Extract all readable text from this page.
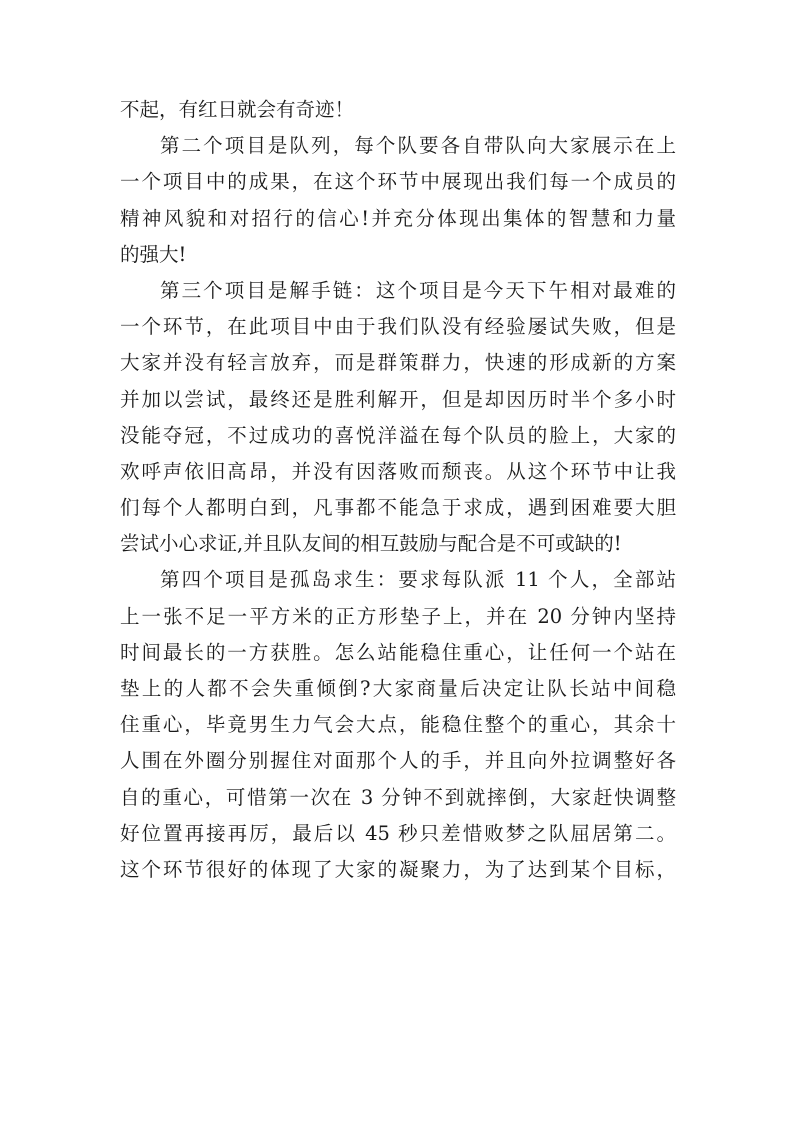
不起，有红日就会有奇迹！
第二个项目是队列，每个队要各自带队向大家展示在上
一个项目中的成果，在这个环节中展现出我们每一个成员的
精神风貌和对招行的信心!并充分体现出集体的智慧和力量
的强大!
第三个项目是解手链：这个项目是今天下午相对最难的
一个环节，在此项目中由于我们队没有经验屡试失败，但是
大家并没有轻言放弃，而是群策群力，快速的形成新的方案
并加以尝试，最终还是胜利解开，但是却因历时半个多小时
没能夺冠，不过成功的喜悦洋溢在每个队员的脸上，大家的
欢呼声依旧高昂，并没有因落败而颓丧。从这个环节中让我
们每个人都明白到，凡事都不能急于求成，遇到困难要大胆
尝试小心求证,并且队友间的相互鼓励与配合是不可或缺的!
第四个项目是孤岛求生：要求每队派 11 个人，全部站
上一张不足一平方米的正方形垫子上，并在 20 分钟内坚持
时间最长的一方获胜。怎么站能稳住重心，让任何一个站在
垫上的人都不会失重倾倒?大家商量后决定让队长站中间稳
住重心，毕竟男生力气会大点，能稳住整个的重心，其余十
人围在外圈分别握住对面那个人的手，并且向外拉调整好各
自的重心，可惜第一次在 3 分钟不到就摔倒，大家赶快调整
好位置再接再厉，最后以 45 秒只差惜败梦之队屈居第二。
这个环节很好的体现了大家的凝聚力，为了达到某个目标，
